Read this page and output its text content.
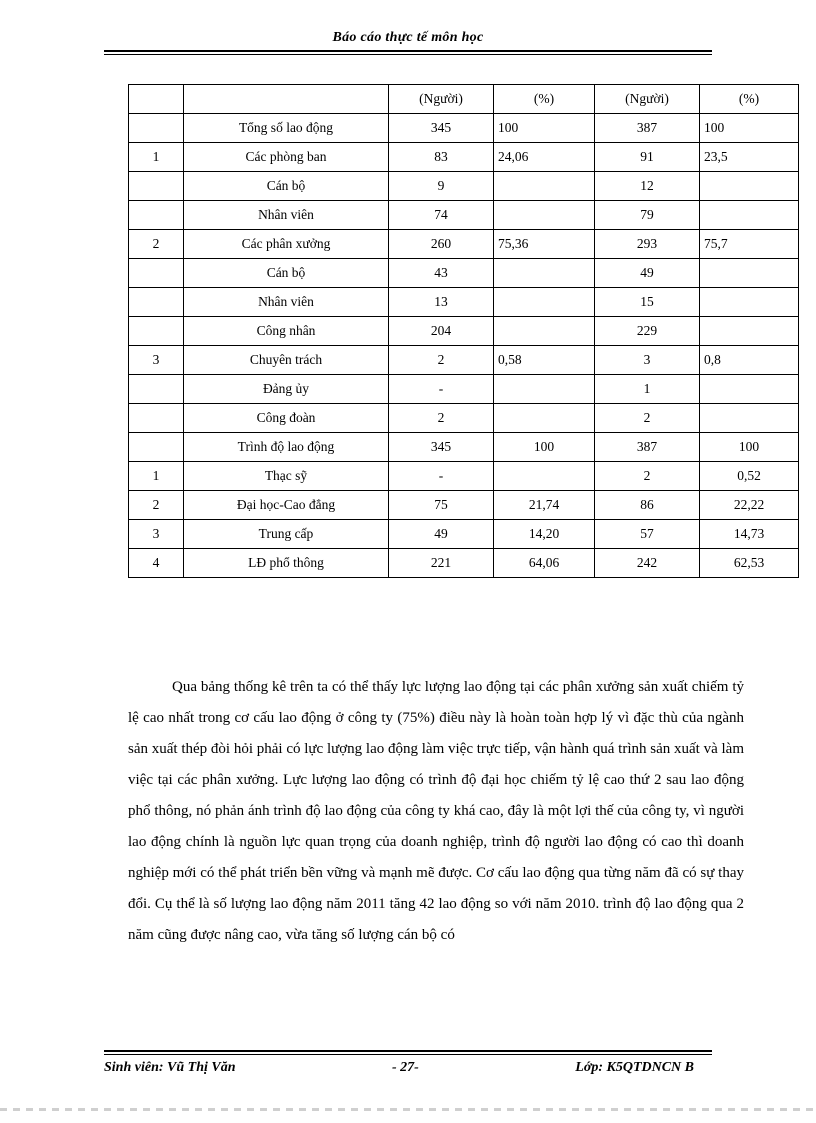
Báo cáo thực tế môn học
		(Người)	(%)	(Người)	(%)
	Tổng số lao động	345	100	387	100
1	Các phòng ban	83	24,06	91	23,5
	Cán bộ	9		12	
	Nhân viên	74		79	
2	Các phân xưởng	260	75,36	293	75,7
	Cán bộ	43		49	
	Nhân viên	13		15	
	Công nhân	204		229	
3	Chuyên trách	2	0,58	3	0,8
	Đảng ủy	-		1	
	Công đoàn	2		2	
	Trình độ lao động	345	100	387	100
1	Thạc sỹ	-		2	0,52
2	Đại học-Cao đẳng	75	21,74	86	22,22
3	Trung cấp	49	14,20	57	14,73
4	LĐ phổ thông	221	64,06	242	62,53

Qua bảng thống kê trên ta có thể thấy lực lượng lao động tại các phân xưởng sản xuất chiếm tỷ lệ cao nhất trong cơ cấu lao động ở công ty (75%) điều này là hoàn toàn hợp lý vì đặc thù của ngành sản xuất thép đòi hỏi phải có lực lượng lao động làm việc trực tiếp, vận hành quá trình sản xuất và làm việc tại các phân xưởng. Lực lượng lao động có trình độ đại học chiếm tỷ lệ cao thứ 2 sau lao động phổ thông, nó phản ánh trình độ lao động của công ty khá cao, đây là một lợi thế của công ty, vì người lao động chính là nguồn lực quan trọng của doanh nghiệp, trình độ người lao động có cao thì doanh nghiệp mới có thể phát triển bền vững và mạnh mẽ được. Cơ cấu lao động qua từng năm đã có sự thay đổi. Cụ thể là số lượng lao động năm 2011 tăng 42 lao động so với năm 2010. trình độ lao động qua 2 năm cũng được nâng cao, vừa tăng số lượng cán bộ có

Sinh viên: Vũ Thị Văn	- 27-	Lớp: K5QTDNCN B
